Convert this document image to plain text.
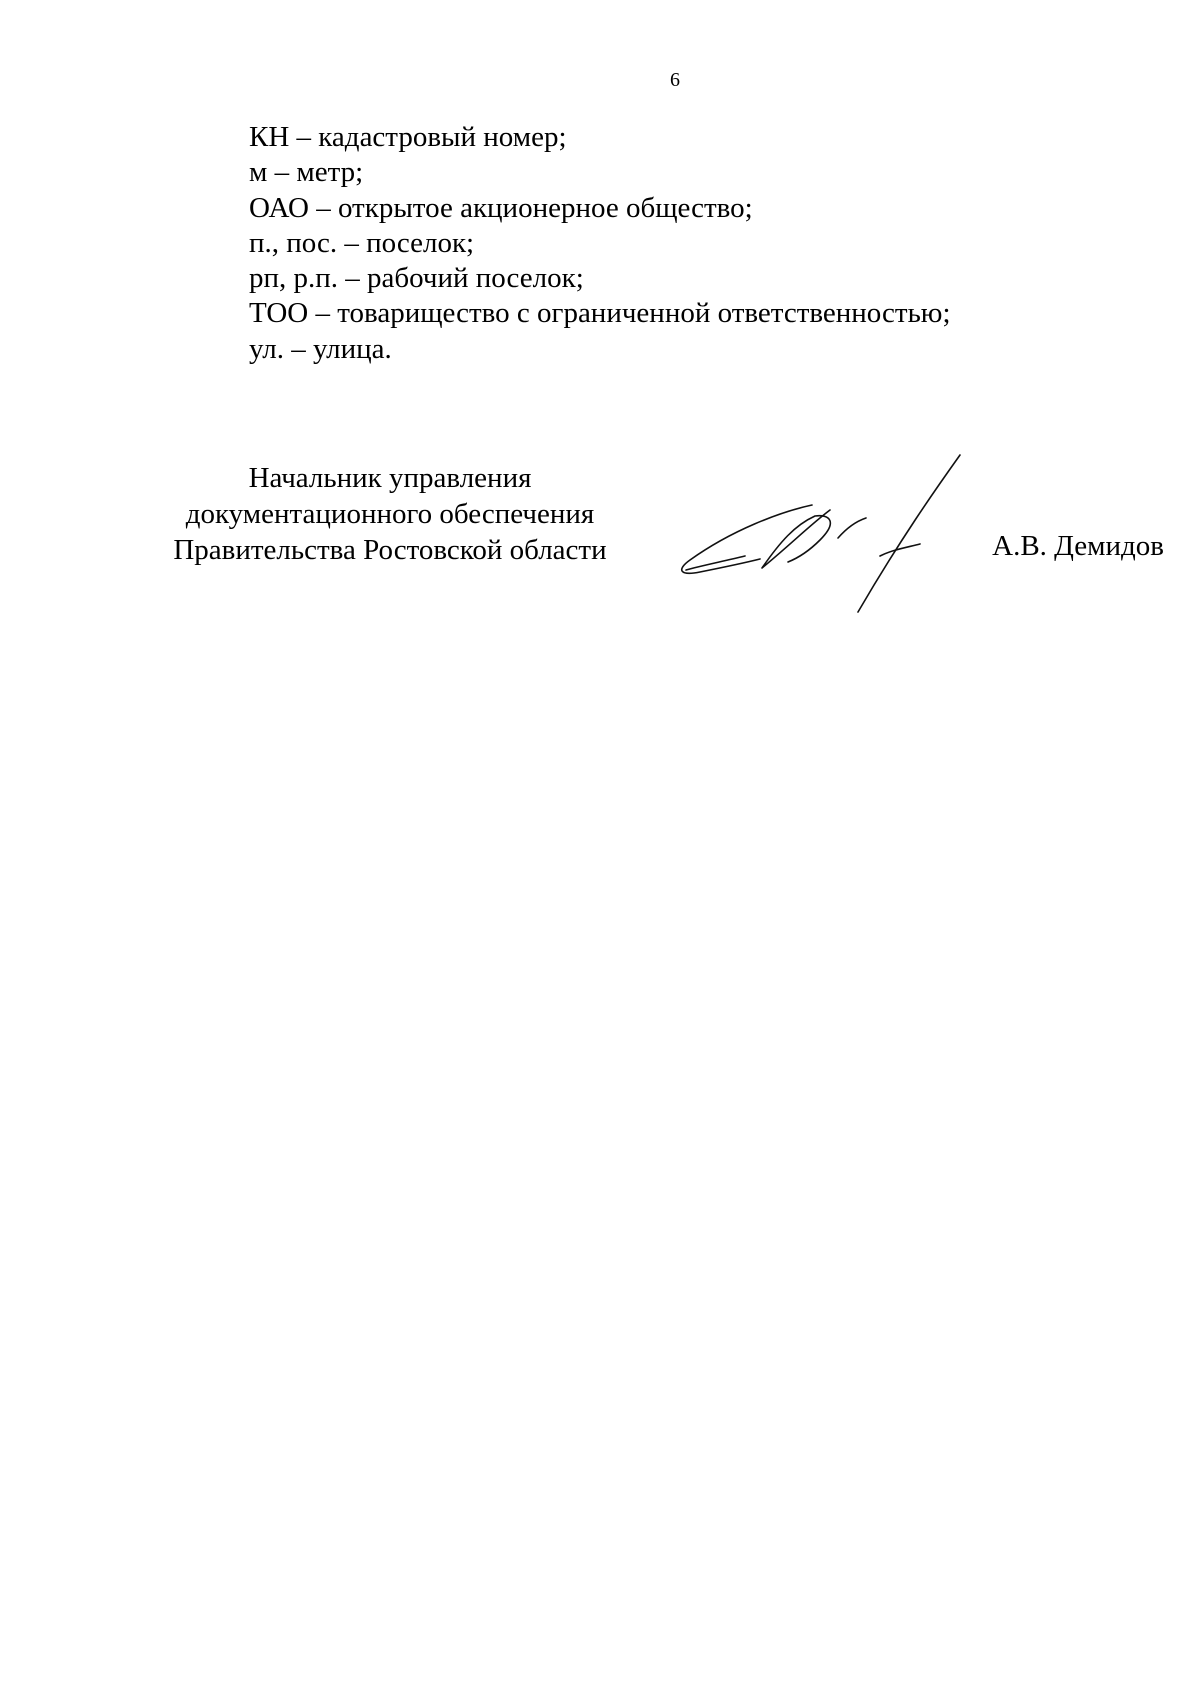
6
КН – кадастровый номер;
м – метр;
ОАО – открытое акционерное общество;
п., пос. – поселок;
рп, р.п. – рабочий поселок;
ТОО – товарищество с ограниченной ответственностью;
ул. – улица.
Начальник управления
документационного обеспечения
Правительства Ростовской области	А.В. Демидов
